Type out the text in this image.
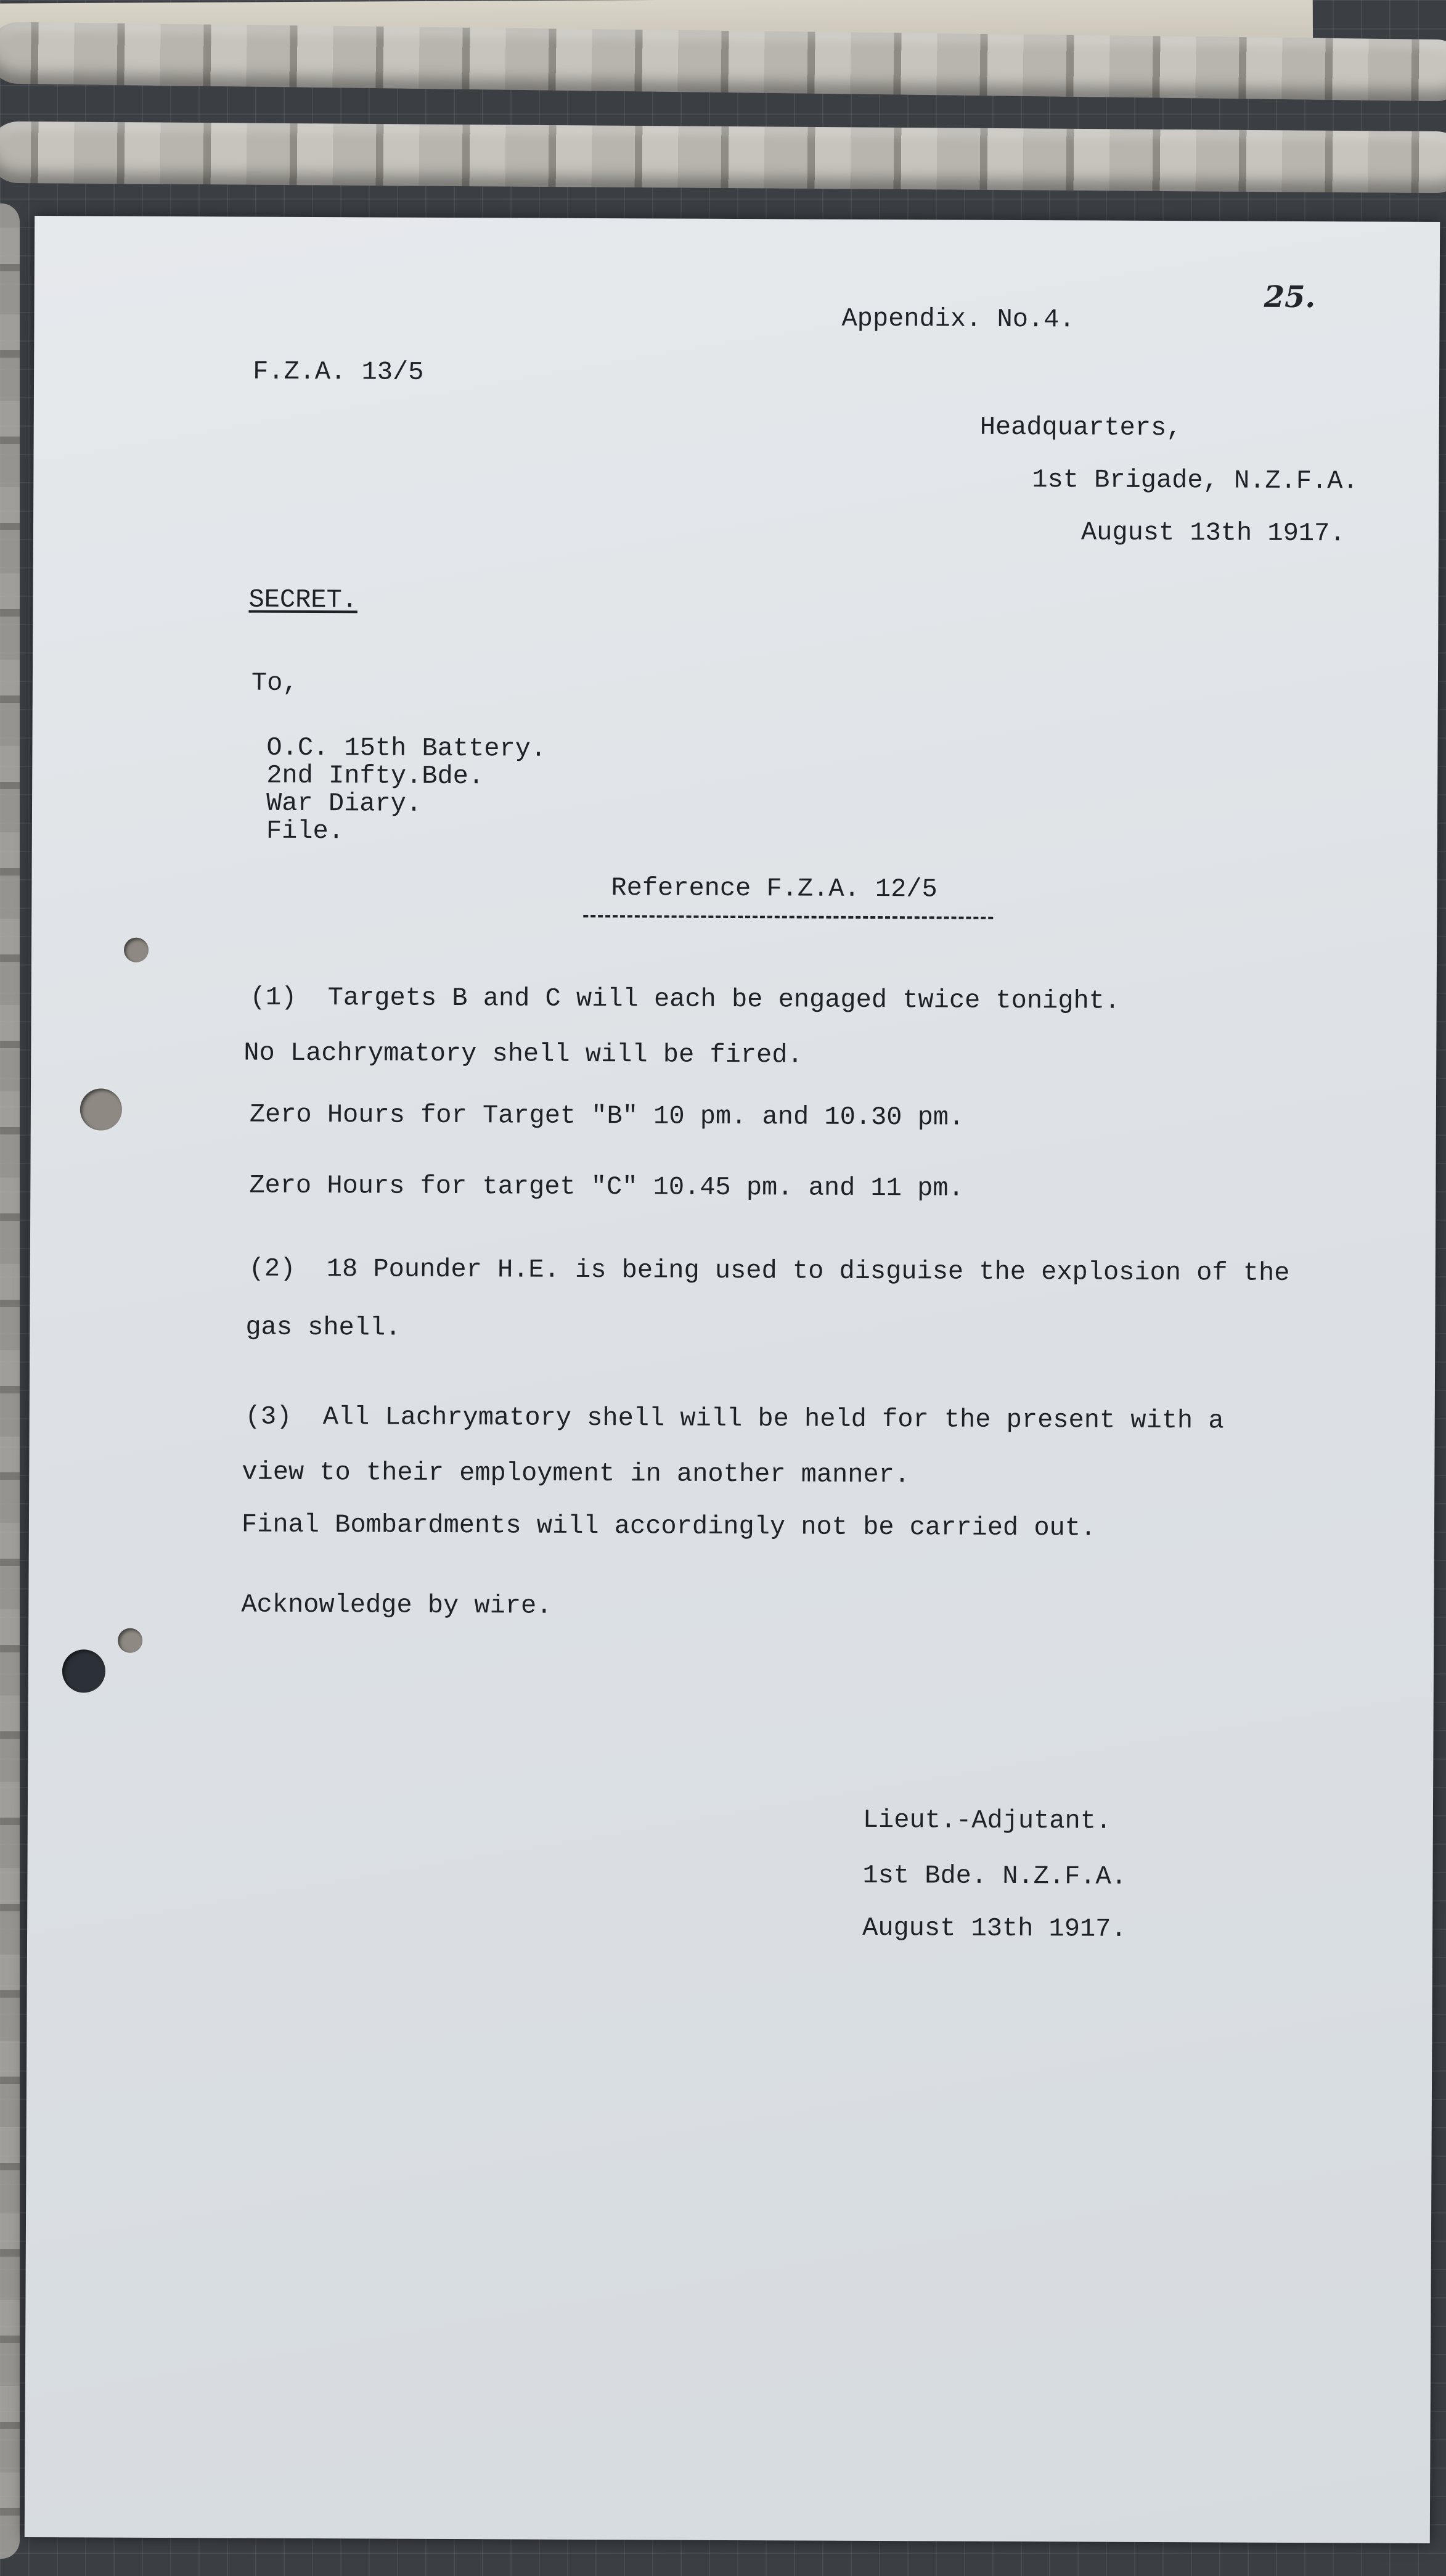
25.
Appendix. No.4.
F.Z.A. 13/5
Headquarters,
1st Brigade, N.Z.F.A.
August 13th 1917.
SECRET.
To,
O.C. 15th Battery.
2nd Infty.Bde.
War Diary.
File.
Reference F.Z.A. 12/5
(1)  Targets B and C will each be engaged twice tonight.
No Lachrymatory shell will be fired.
Zero Hours for Target "B" 10 pm. and 10.30 pm.
Zero Hours for target "C" 10.45 pm. and 11 pm.
(2)  18 Pounder H.E. is being used to disguise the explosion of the
gas shell.
(3)  All Lachrymatory shell will be held for the present with a
view to their employment in another manner.
Final Bombardments will accordingly not be carried out.
Acknowledge by wire.
Lieut.-Adjutant.
1st Bde. N.Z.F.A.
August 13th 1917.
